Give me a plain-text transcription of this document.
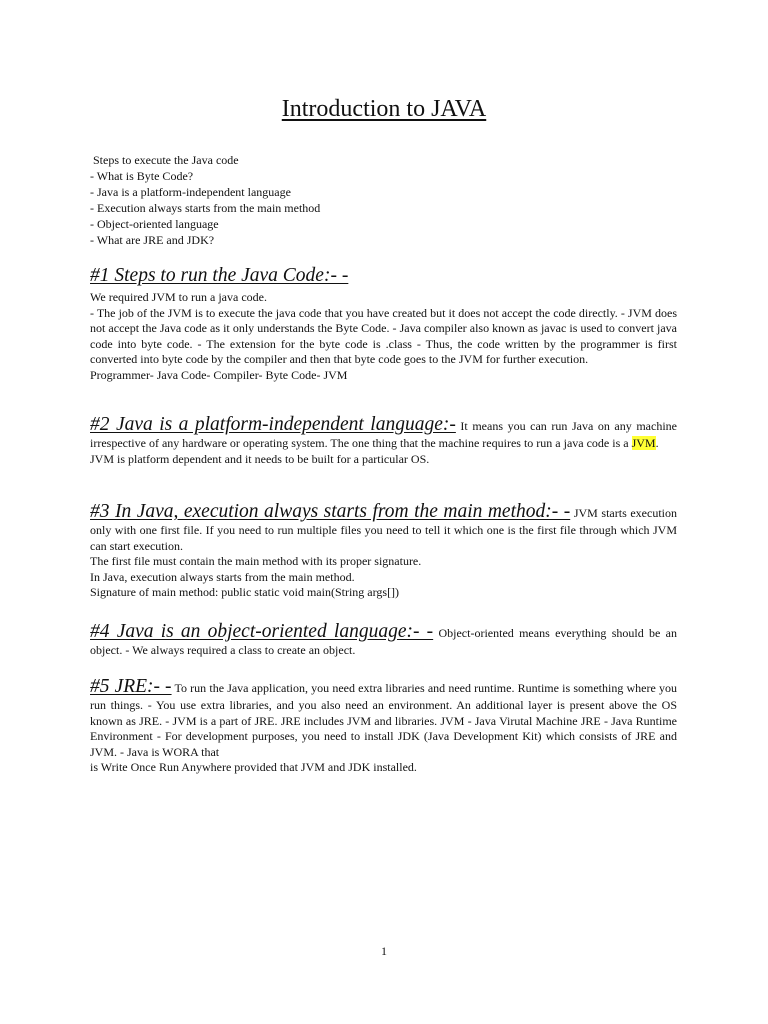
Introduction to JAVA
Steps to execute the Java code
- What is Byte Code?
- Java is a platform-independent language
- Execution always starts from the main method
- Object-oriented language
- What are JRE and JDK?
#1 Steps to run the Java Code:- -
We required JVM to run a java code.
- The job of the JVM is to execute the java code that you have created but it does not accept the code directly. - JVM does not accept the Java code as it only understands the Byte Code. - Java compiler also known as javac is used to convert java code into byte code. - The extension for the byte code is .class - Thus, the code written by the programmer is first converted into byte code by the compiler and then that byte code goes to the JVM for further execution.
Programmer- Java Code- Compiler- Byte Code- JVM
#2 Java is a platform-independent language:- It means you can run Java on any machine irrespective of any hardware or operating system. The one thing that the machine requires to run a java code is a JVM.
JVM is platform dependent and it needs to be built for a particular OS.
#3 In Java, execution always starts from the main method:- - JVM starts execution only with one first file. If you need to run multiple files you need to tell it which one is the first file through which JVM can start execution.
The first file must contain the main method with its proper signature.
In Java, execution always starts from the main method.
Signature of main method: public static void main(String args[])
#4 Java is an object-oriented language:- - Object-oriented means everything should be an object. - We always required a class to create an object.
#5 JRE:- - To run the Java application, you need extra libraries and need runtime. Runtime is something where you run things. - You use extra libraries, and you also need an environment. An additional layer is present above the OS known as JRE. - JVM is a part of JRE. JRE includes JVM and libraries. JVM - Java Virutal Machine JRE - Java Runtime Environment - For development purposes, you need to install JDK (Java Development Kit) which consists of JRE and JVM. - Java is WORA that
is Write Once Run Anywhere provided that JVM and JDK installed.
1
